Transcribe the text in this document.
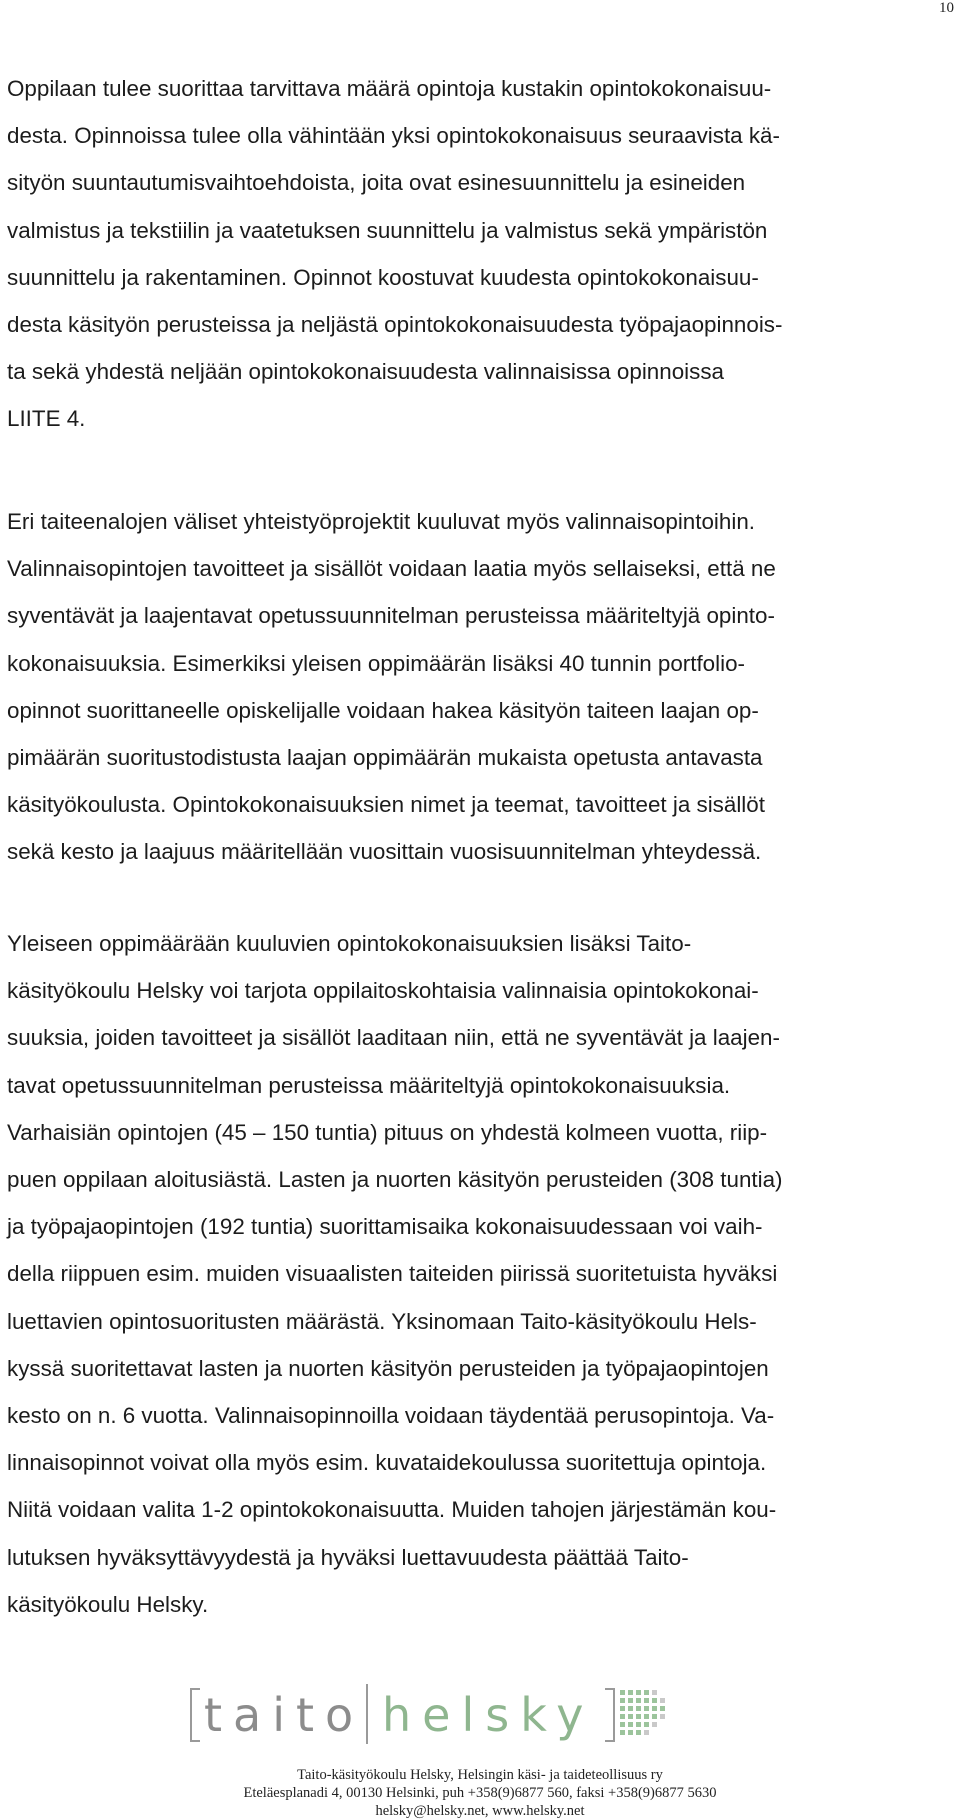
10
Oppilaan tulee suorittaa tarvittava määrä opintoja kustakin opintokokonaisuu-
desta. Opinnoissa tulee olla vähintään yksi opintokokonaisuus seuraavista kä-
sityön suuntautumisvaihtoehdoista, joita ovat esinesuunnittelu ja esineiden
valmistus ja tekstiilin ja vaatetuksen suunnittelu ja valmistus sekä ympäristön
suunnittelu ja rakentaminen. Opinnot koostuvat kuudesta opintokokonaisuu-
desta käsityön perusteissa ja neljästä opintokokonaisuudesta työpajaopinnois-
ta sekä yhdestä neljään opintokokonaisuudesta valinnaisissa opinnoissa
LIITE 4.
Eri taiteenalojen väliset yhteistyöprojektit kuuluvat myös valinnaisopintoihin.
Valinnaisopintojen tavoitteet ja sisällöt voidaan laatia myös sellaiseksi, että ne
syventävät ja laajentavat opetussuunnitelman perusteissa määriteltyjä opinto-
kokonaisuuksia. Esimerkiksi yleisen oppimäärän lisäksi 40 tunnin portfolio-
opinnot suorittaneelle opiskelijalle voidaan hakea käsityön taiteen laajan op-
pimäärän suoritustodistusta laajan oppimäärän mukaista opetusta antavasta
käsityökoulusta. Opintokokonaisuuksien nimet ja teemat, tavoitteet ja sisällöt
sekä kesto ja laajuus määritellään vuosittain vuosisuunnitelman yhteydessä.
Yleiseen oppimäärään kuuluvien opintokokonaisuuksien lisäksi Taito-
käsityökoulu Helsky voi tarjota oppilaitoskohtaisia valinnaisia opintokokonai-
suuksia, joiden tavoitteet ja sisällöt laaditaan niin, että ne syventävät ja laajen-
tavat opetussuunnitelman perusteissa määriteltyjä opintokokonaisuuksia.
Varhaisiän opintojen (45 – 150 tuntia) pituus on yhdestä kolmeen vuotta, riip-
puen oppilaan aloitusiästä. Lasten ja nuorten käsityön perusteiden (308 tuntia)
ja työpajaopintojen (192 tuntia) suorittamisaika kokonaisuudessaan voi vaih-
della riippuen esim. muiden visuaalisten taiteiden piirissä suoritetuista hyväksi
luettavien opintosuoritusten määrästä. Yksinomaan Taito-käsityökoulu Hels-
kyssä suoritettavat lasten ja nuorten käsityön perusteiden ja työpajaopintojen
kesto on n. 6 vuotta. Valinnaisopinnoilla voidaan täydentää perusopintoja. Va-
linnaisopinnot voivat olla myös esim. kuvataidekoulussa suoritettuja opintoja.
Niitä voidaan valita 1-2 opintokokonaisuutta. Muiden tahojen järjestämän kou-
lutuksen hyväksyttävyydestä ja hyväksi luettavuudesta päättää Taito-
käsityökoulu Helsky.
taito helsky
Taito-käsityökoulu Helsky, Helsingin käsi- ja taideteollisuus ry
Eteläesplanadi 4, 00130 Helsinki, puh +358(9)6877 560, faksi +358(9)6877 5630
helsky@helsky.net, www.helsky.net
